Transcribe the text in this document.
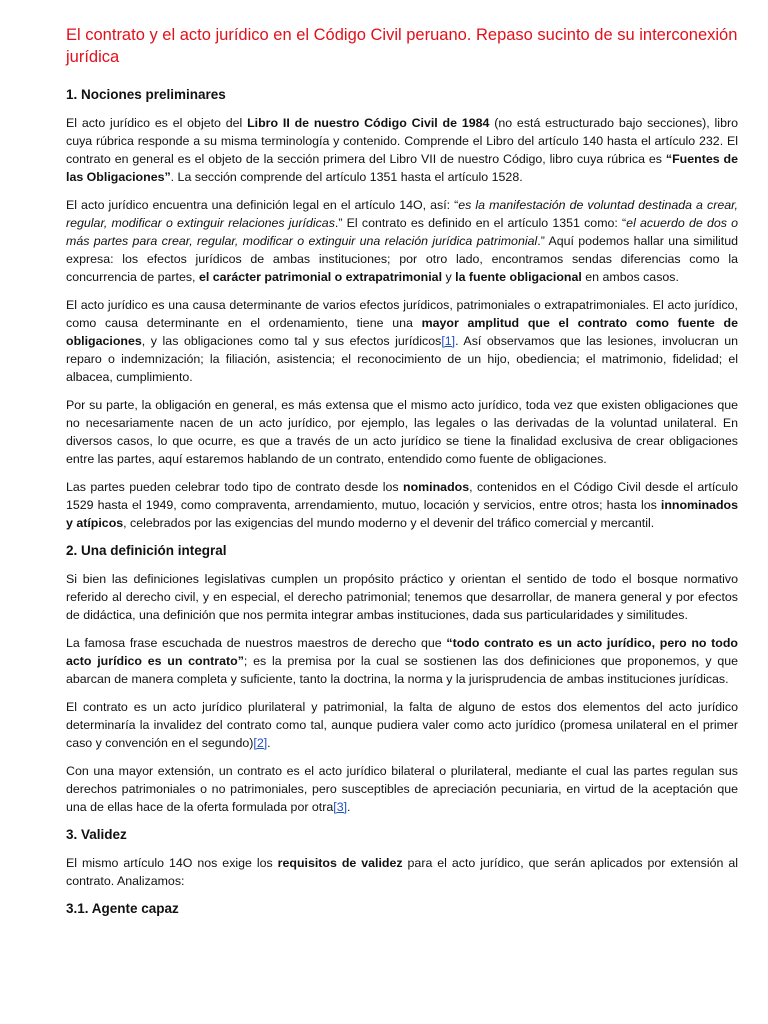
El contrato y el acto jurídico en el Código Civil peruano. Repaso sucinto de su interconexión jurídica
1. Nociones preliminares

El acto jurídico es el objeto del Libro II de nuestro Código Civil de 1984 (no está estructurado bajo secciones), libro cuya rúbrica responde a su misma terminología y contenido. Comprende el Libro del artículo 140 hasta el artículo 232. El contrato en general es el objeto de la sección primera del Libro VII de nuestro Código, libro cuya rúbrica es “Fuentes de las Obligaciones”. La sección comprende del artículo 1351 hasta el artículo 1528.

El acto jurídico encuentra una definición legal en el artículo 14O, así: “es la manifestación de voluntad destinada a crear, regular, modificar o extinguir relaciones jurídicas.” El contrato es definido en el artículo 1351 como: “el acuerdo de dos o más partes para crear, regular, modificar o extinguir una relación jurídica patrimonial.” Aquí podemos hallar una similitud expresa: los efectos jurídicos de ambas instituciones; por otro lado, encontramos sendas diferencias como la concurrencia de partes, el carácter patrimonial o extrapatrimonial y la fuente obligacional en ambos casos.

El acto jurídico es una causa determinante de varios efectos jurídicos, patrimoniales o extrapatrimoniales. El acto jurídico, como causa determinante en el ordenamiento, tiene una mayor amplitud que el contrato como fuente de obligaciones, y las obligaciones como tal y sus efectos jurídicos[1]. Así observamos que las lesiones, involucran un reparo o indemnización; la filiación, asistencia; el reconocimiento de un hijo, obediencia; el matrimonio, fidelidad; el albacea, cumplimiento.

Por su parte, la obligación en general, es más extensa que el mismo acto jurídico, toda vez que existen obligaciones que no necesariamente nacen de un acto jurídico, por ejemplo, las legales o las derivadas de la voluntad unilateral. En diversos casos, lo que ocurre, es que a través de un acto jurídico se tiene la finalidad exclusiva de crear obligaciones entre las partes, aquí estaremos hablando de un contrato, entendido como fuente de obligaciones.

Las partes pueden celebrar todo tipo de contrato desde los nominados, contenidos en el Código Civil desde el artículo 1529 hasta el 1949, como compraventa, arrendamiento, mutuo, locación y servicios, entre otros; hasta los innominados y atípicos, celebrados por las exigencias del mundo moderno y el devenir del tráfico comercial y mercantil.

2. Una definición integral

Si bien las definiciones legislativas cumplen un propósito práctico y orientan el sentido de todo el bosque normativo referido al derecho civil, y en especial, el derecho patrimonial; tenemos que desarrollar, de manera general y por efectos de didáctica, una definición que nos permita integrar ambas instituciones, dada sus particularidades y similitudes.

La famosa frase escuchada de nuestros maestros de derecho que “todo contrato es un acto jurídico, pero no todo acto jurídico es un contrato”; es la premisa por la cual se sostienen las dos definiciones que proponemos, y que abarcan de manera completa y suficiente, tanto la doctrina, la norma y la jurisprudencia de ambas instituciones jurídicas.

El contrato es un acto jurídico plurilateral y patrimonial, la falta de alguno de estos dos elementos del acto jurídico determinaría la invalidez del contrato como tal, aunque pudiera valer como acto jurídico (promesa unilateral en el primer caso y convención en el segundo)[2].

Con una mayor extensión, un contrato es el acto jurídico bilateral o plurilateral, mediante el cual las partes regulan sus derechos patrimoniales o no patrimoniales, pero susceptibles de apreciación pecuniaria, en virtud de la aceptación que una de ellas hace de la oferta formulada por otra[3].

3. Validez

El mismo artículo 14O nos exige los requisitos de validez para el acto jurídico, que serán aplicados por extensión al contrato. Analizamos:

3.1. Agente capaz
